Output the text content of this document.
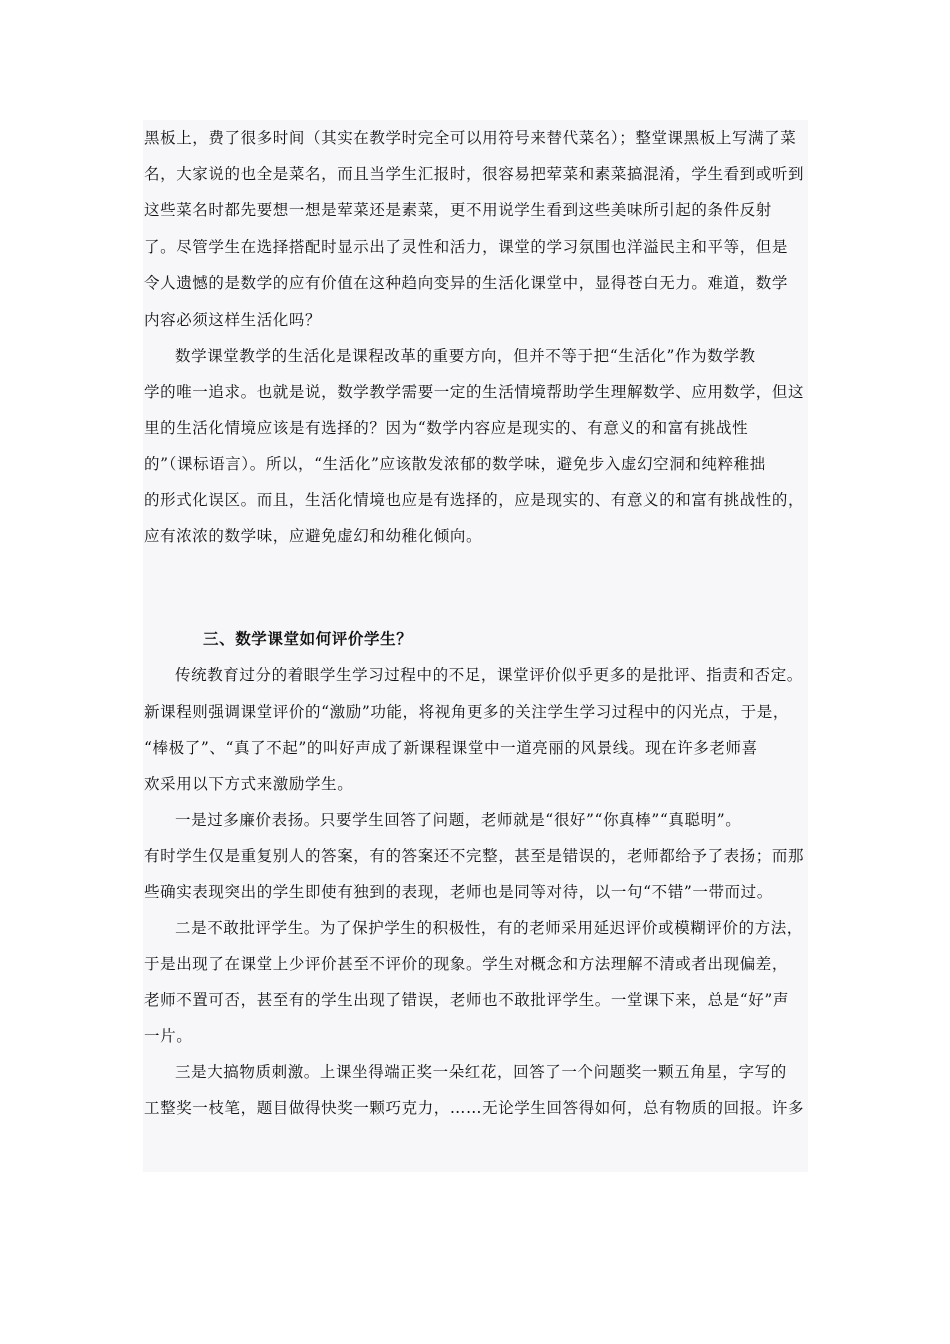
黑板上，费了很多时间（其实在教学时完全可以用符号来替代菜名）；整堂课黑板上写满了菜
名，大家说的也全是菜名，而且当学生汇报时，很容易把荤菜和素菜搞混淆，学生看到或听到
这些菜名时都先要想一想是荤菜还是素菜，更不用说学生看到这些美味所引起的条件反射
了。尽管学生在选择搭配时显示出了灵性和活力，课堂的学习氛围也洋溢民主和平等，但是
令人遗憾的是数学的应有价值在这种趋向变异的生活化课堂中，显得苍白无力。难道，数学
内容必须这样生活化吗？
数学课堂教学的生活化是课程改革的重要方向，但并不等于把“生活化”作为数学教
学的唯一追求。也就是说，数学教学需要一定的生活情境帮助学生理解数学、应用数学，但这
里的生活化情境应该是有选择的？因为“数学内容应是现实的、有意义的和富有挑战性
的”（课标语言）。所以，“生活化”应该散发浓郁的数学味，避免步入虚幻空洞和纯粹稚拙
的形式化误区。而且，生活化情境也应是有选择的，应是现实的、有意义的和富有挑战性的，
应有浓浓的数学味，应避免虚幻和幼稚化倾向。
三、数学课堂如何评价学生？
传统教育过分的着眼学生学习过程中的不足，课堂评价似乎更多的是批评、指责和否定。
新课程则强调课堂评价的“激励”功能，将视角更多的关注学生学习过程中的闪光点，于是，
“棒极了”、“真了不起”的叫好声成了新课程课堂中一道亮丽的风景线。现在许多老师喜
欢采用以下方式来激励学生。
一是过多廉价表扬。只要学生回答了问题，老师就是“很好”“你真棒”“真聪明”。
有时学生仅是重复别人的答案，有的答案还不完整，甚至是错误的，老师都给予了表扬；而那
些确实表现突出的学生即使有独到的表现，老师也是同等对待，以一句“不错”一带而过。
二是不敢批评学生。为了保护学生的积极性，有的老师采用延迟评价或模糊评价的方法，
于是出现了在课堂上少评价甚至不评价的现象。学生对概念和方法理解不清或者出现偏差，
老师不置可否，甚至有的学生出现了错误，老师也不敢批评学生。一堂课下来，总是“好”声
一片。
三是大搞物质刺激。上课坐得端正奖一朵红花，回答了一个问题奖一颗五角星，字写的
工整奖一枝笔，题目做得快奖一颗巧克力，……无论学生回答得如何，总有物质的回报。许多
